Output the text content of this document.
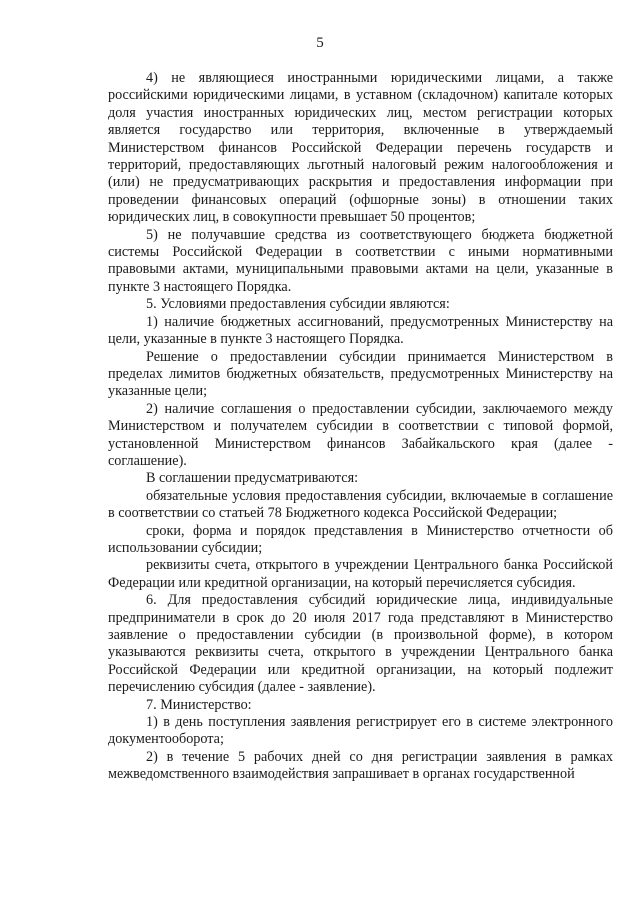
5

4) не являющиеся иностранными юридическими лицами, а также российскими юридическими лицами, в уставном (складочном) капитале которых доля участия иностранных юридических лиц, местом регистрации которых является государство или территория, включенные в утверждаемый Министерством финансов Российской Федерации перечень государств и территорий, предоставляющих льготный налоговый режим налогообложения и (или) не предусматривающих раскрытия и предоставления информации при проведении финансовых операций (офшорные зоны) в отношении таких юридических лиц, в совокупности превышает 50 процентов;

5) не получавшие средства из соответствующего бюджета бюджетной системы Российской Федерации в соответствии с иными нормативными правовыми актами, муниципальными правовыми актами на цели, указанные в пункте 3 настоящего Порядка.

5. Условиями предоставления субсидии являются:

1) наличие бюджетных ассигнований, предусмотренных Министерству на цели, указанные в пункте 3 настоящего Порядка.

Решение о предоставлении субсидии принимается Министерством в пределах лимитов бюджетных обязательств, предусмотренных Министерству на указанные цели;

2) наличие соглашения о предоставлении субсидии, заключаемого между Министерством и получателем субсидии в соответствии с типовой формой, установленной Министерством финансов Забайкальского края (далее - соглашение).

В соглашении предусматриваются:

обязательные условия предоставления субсидии, включаемые в соглашение в соответствии со статьей 78 Бюджетного кодекса Российской Федерации;

сроки, форма и порядок представления в Министерство отчетности об использовании субсидии;

реквизиты счета, открытого в учреждении Центрального банка Российской Федерации или кредитной организации, на который перечисляется субсидия.

6. Для предоставления субсидий юридические лица, индивидуальные предприниматели в срок до 20 июля 2017 года представляют в Министерство заявление о предоставлении субсидии (в произвольной форме), в котором указываются реквизиты счета, открытого в учреждении Центрального банка Российской Федерации или кредитной организации, на который подлежит перечислению субсидия (далее - заявление).

7. Министерство:

1) в день поступления заявления регистрирует его в системе электронного документооборота;

2) в течение 5 рабочих дней со дня регистрации заявления в рамках межведомственного взаимодействия запрашивает в органах государственной
